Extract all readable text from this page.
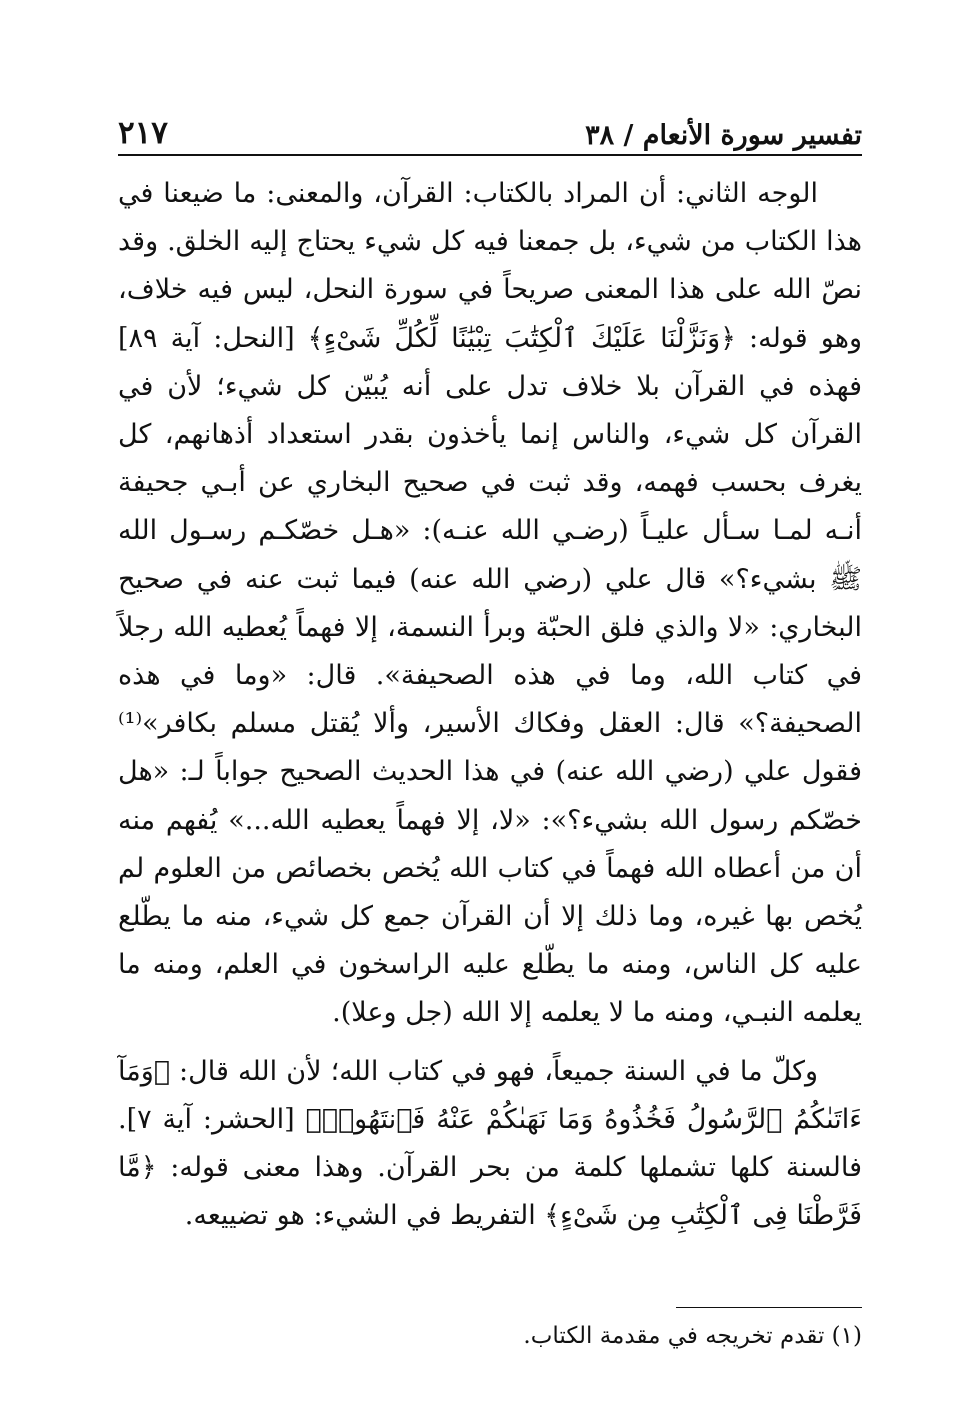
تفسير سورة الأنعام / ٣٨
٢١٧

الوجه الثاني: أن المراد بالكتاب: القرآن، والمعنى: ما ضيعنا في هذا الكتاب من شيء، بل جمعنا فيه كل شيء يحتاج إليه الخلق. وقد نصّ الله على هذا المعنى صريحاً في سورة النحل، ليس فيه خلاف، وهو قوله: ﴿وَنَزَّلْنَا عَلَيْكَ ٱلْكِتَٰبَ تِبْيَٰنًا لِّكُلِّ شَىْءٍ﴾ [النحل: آية ٨٩] فهذه في القرآن بلا خلاف تدل على أنه يُبيّن كل شيء؛ لأن في القرآن كل شيء، والناس إنما يأخذون بقدر استعداد أذهانهم، كل يغرف بحسب فهمه، وقد ثبت في صحيح البخاري عن أبـي جحيفة أنـه لمـا سـأل عليـاً (رضـي الله عنـه): «هـل خصّكـم رسـول الله ﷺ بشيء؟» قال علي (رضي الله عنه) فيما ثبت عنه في صحيح البخاري: «لا والذي فلق الحبّة وبرأ النسمة، إلا فهماً يُعطيه الله رجلاً في كتاب الله، وما في هذه الصحيفة». قال: «وما في هذه الصحيفة؟» قال: العقل وفكاك الأسير، وألا يُقتل مسلم بكافر»⁽¹⁾ فقول علي (رضي الله عنه) في هذا الحديث الصحيح جواباً لـ: «هل خصّكم رسول الله بشيء؟»: «لا، إلا فهماً يعطيه الله...» يُفهم منه أن من أعطاه الله فهماً في كتاب الله يُخص بخصائص من العلوم لم يُخص بها غيره، وما ذلك إلا أن القرآن جمع كل شيء، منه ما يطّلع عليه كل الناس، ومنه ما يطّلع عليه الراسخون في العلم، ومنه ما يعلمه النبـي، ومنه ما لا يعلمه إلا الله (جل وعلا).

وكلّ ما في السنة جميعاً، فهو في كتاب الله؛ لأن الله قال: ﴿وَمَآ ءَاتَىٰكُمُ ٱلرَّسُولُ فَخُذُوهُ وَمَا نَهَىٰكُمْ عَنْهُ فَٱنتَهُوا۟﴾ [الحشر: آية ٧]. فالسنة كلها تشملها كلمة من بحر القرآن. وهذا معنى قوله: ﴿مَّا فَرَّطْنَا فِى ٱلْكِتَٰبِ مِن شَىْءٍ﴾ التفريط في الشيء: هو تضييعه.

(١) تقدم تخريجه في مقدمة الكتاب.
